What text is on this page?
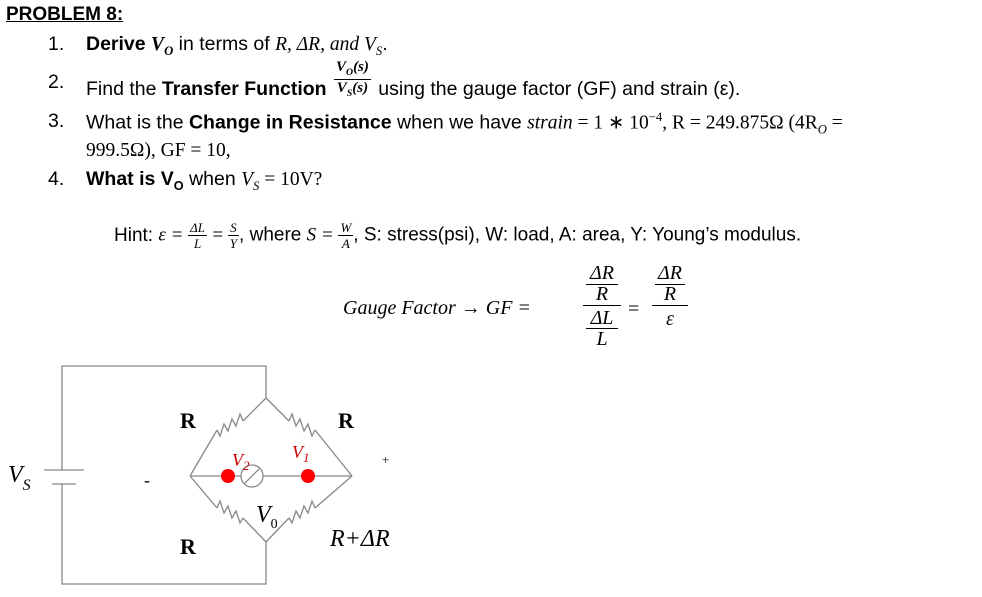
PROBLEM 8:
1. Derive $V_O$ in terms of R, ΔR, and $V_S$.
2. Find the Transfer Function $\frac{V_O(s)}{V_S(s)}$ using the gauge factor (GF) and strain (ε).
3. What is the Change in Resistance when we have strain = 1 ∗ $10^{-4}$, R = 249.875Ω ($4R_O$ =
999.5Ω), GF = 10,
4. What is $V_O$ when $V_S = 10V$?
Hint: $\varepsilon = \frac{\Delta L}{L} = \frac{S}{Y}$ , where $S = \frac{W}{A}$ , S: stress(psi), W: load, A: area, Y: Young’s modulus.
Gauge Factor → GF =
ΔR
R
ΔL
L
=
ΔR
R
ε
R	R
R	R+ΔR
$V_2$
$V_1$
$V_0$
$V_S$	-
+
